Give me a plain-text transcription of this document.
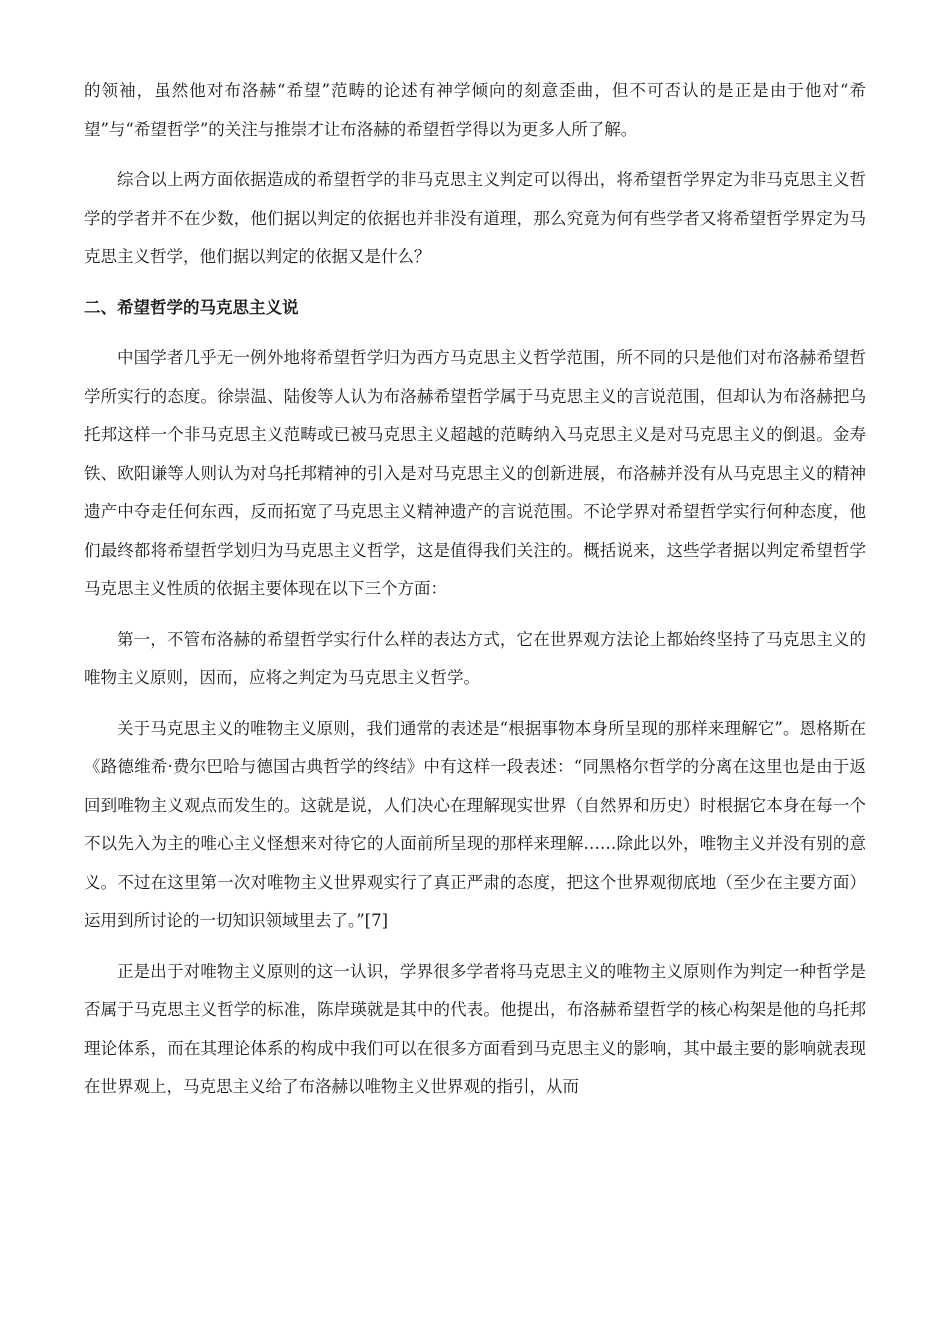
的领袖，虽然他对布洛赫“希望”范畴的论述有神学倾向的刻意歪曲，但不可否认的是正是由于他对“希望”与“希望哲学”的关注与推崇才让布洛赫的希望哲学得以为更多人所了解。

综合以上两方面依据造成的希望哲学的非马克思主义判定可以得出，将希望哲学界定为非马克思主义哲学的学者并不在少数，他们据以判定的依据也并非没有道理，那么究竟为何有些学者又将希望哲学界定为马克思主义哲学，他们据以判定的依据又是什么？

二、希望哲学的马克思主义说

中国学者几乎无一例外地将希望哲学归为西方马克思主义哲学范围，所不同的只是他们对布洛赫希望哲学所实行的态度。徐崇温、陆俊等人认为布洛赫希望哲学属于马克思主义的言说范围，但却认为布洛赫把乌托邦这样一个非马克思主义范畴或已被马克思主义超越的范畴纳入马克思主义是对马克思主义的倒退。金寿铁、欧阳谦等人则认为对乌托邦精神的引入是对马克思主义的创新进展，布洛赫并没有从马克思主义的精神遗产中夺走任何东西，反而拓宽了马克思主义精神遗产的言说范围。不论学界对希望哲学实行何种态度，他们最终都将希望哲学划归为马克思主义哲学，这是值得我们关注的。概括说来，这些学者据以判定希望哲学马克思主义性质的依据主要体现在以下三个方面：

第一，不管布洛赫的希望哲学实行什么样的表达方式，它在世界观方法论上都始终坚持了马克思主义的唯物主义原则，因而，应将之判定为马克思主义哲学。

关于马克思主义的唯物主义原则，我们通常的表述是“根据事物本身所呈现的那样来理解它”。恩格斯在《路德维希·费尔巴哈与德国古典哲学的终结》中有这样一段表述：“同黑格尔哲学的分离在这里也是由于返回到唯物主义观点而发生的。这就是说，人们决心在理解现实世界（自然界和历史）时根据它本身在每一个不以先入为主的唯心主义怪想来对待它的人面前所呈现的那样来理解……除此以外，唯物主义并没有别的意义。不过在这里第一次对唯物主义世界观实行了真正严肃的态度，把这个世界观彻底地（至少在主要方面）运用到所讨论的一切知识领域里去了。”[7]

正是出于对唯物主义原则的这一认识，学界很多学者将马克思主义的唯物主义原则作为判定一种哲学是否属于马克思主义哲学的标准，陈岸瑛就是其中的代表。他提出，布洛赫希望哲学的核心构架是他的乌托邦理论体系，而在其理论体系的构成中我们可以在很多方面看到马克思主义的影响，其中最主要的影响就表现在世界观上，马克思主义给了布洛赫以唯物主义世界观的指引，从而
